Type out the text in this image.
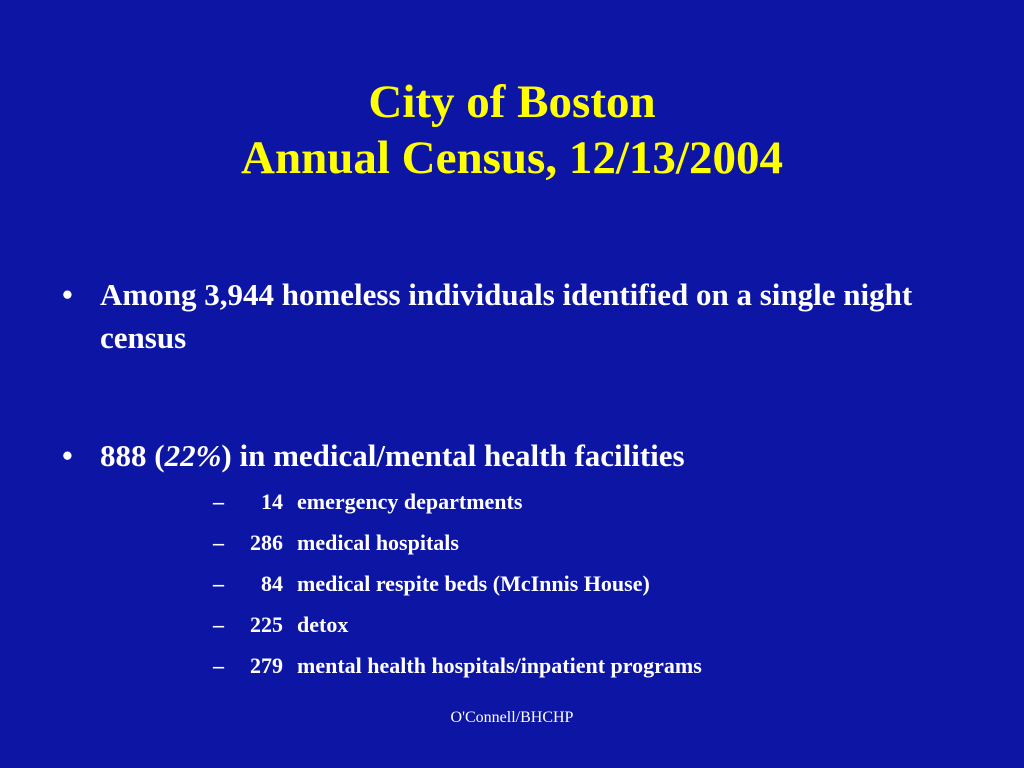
City of Boston
Annual Census, 12/13/2004
• Among 3,944 homeless individuals identified on a single night census
• 888 (22%) in medical/mental health facilities
– 14 emergency departments
– 286 medical hospitals
– 84 medical respite beds (McInnis House)
– 225 detox
– 279 mental health hospitals/inpatient programs
O'Connell/BHCHP
